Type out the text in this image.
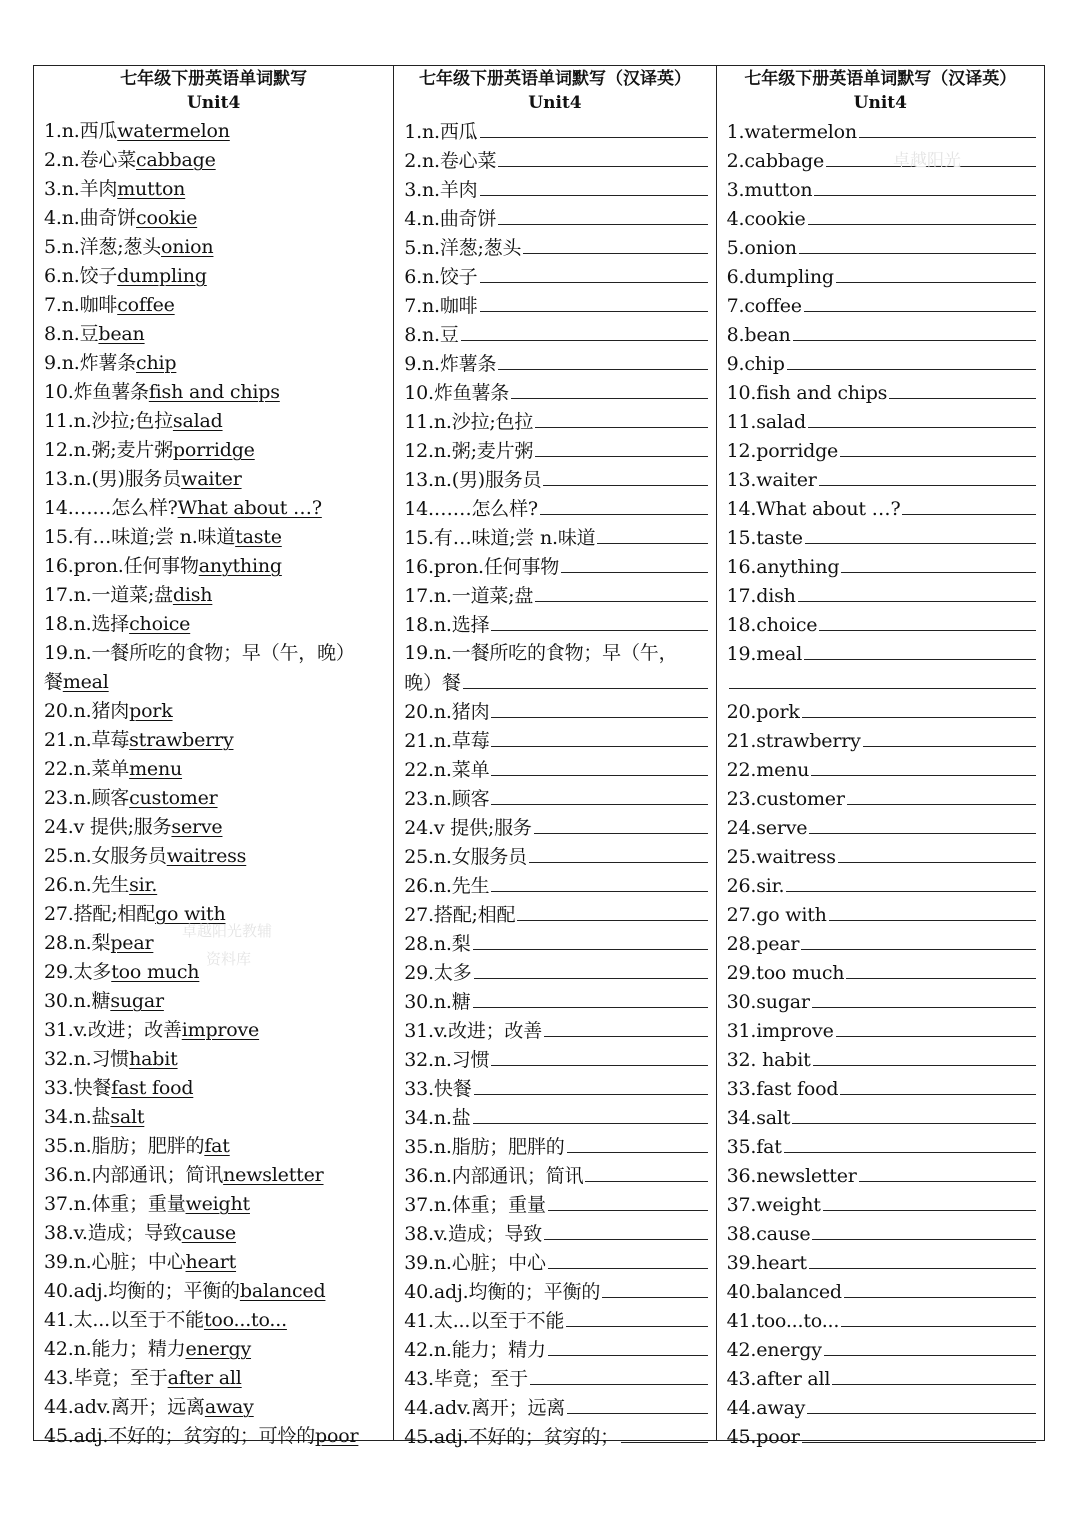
七年级下册英语单词默写
Unit4
1. n.西瓜 watermelon
2. n.卷心菜 cabbage
3. n.羊肉 mutton
4. n.曲奇饼 cookie
5. n.洋葱;葱头 onion
6. n.饺子 dumpling
7. n.咖啡 coffee
8. n.豆 bean
9. n.炸薯条 chip
10. 炸鱼薯条 fish and chips
11. n.沙拉;色拉 salad
12. n.粥;麦片粥 porridge
13. n.(男)服务员 waiter
14. ……怎么样? What about …?
15. 有…味道;尝 n.味道 taste
16. pron.任何事物 anything
17. n.一道菜;盘 dish
18. n.选择 choice
19. n.一餐所吃的食物；早（午，晚）
餐 meal
20. n.猪肉 pork
21. n.草莓 strawberry
22. n.菜单 menu
23. n.顾客 customer
24. v 提供;服务 serve
25. n.女服务员 waitress
26. n.先生 sir.
27. 搭配;相配 go with
28. n.梨 pear
29. 太多 too much
30. n.糖 sugar
31. v.改进；改善 improve
32. n.习惯 habit
33. 快餐 fast food
34. n.盐 salt
35. n.脂肪；肥胖的 fat
36. n.内部通讯；简讯 newsletter
37. n.体重；重量 weight
38. v.造成；导致 cause
39. n.心脏；中心 heart
40. adj.均衡的；平衡的 balanced
41. 太...以至于不能 too...to...
42. n.能力；精力 energy
43. 毕竟；至于 after all
44. adv.离开；远离 away
45. adj.不好的；贫穷的；可怜的 poor
七年级下册英语单词默写（汉译英）
Unit4
1.n.西瓜
2.n.卷心菜
3.n.羊肉
4.n.曲奇饼
5.n.洋葱;葱头
6.n.饺子
7.n.咖啡
8.n.豆
9.n.炸薯条
10.炸鱼薯条
11.n.沙拉;色拉
12.n.粥;麦片粥
13.n.(男)服务员
14.……怎么样?
15.有…味道;尝 n.味道
16.pron.任何事物
17.n.一道菜;盘
18.n.选择
19.n.一餐所吃的食物；早（午，
晚）餐
20.n.猪肉
21.n.草莓
22.n.菜单
23.n.顾客
24.v 提供;服务
25.n.女服务员
26.n.先生
27.搭配;相配
28.n.梨
29.太多
30.n.糖
31.v.改进；改善
32.n.习惯
33.快餐
34.n.盐
35.n.脂肪；肥胖的
36.n.内部通讯；简讯
37.n.体重；重量
38.v.造成；导致
39.n.心脏；中心
40.adj.均衡的；平衡的
41.太...以至于不能
42.n.能力；精力
43.毕竟；至于
44.adv.离开；远离
45.adj.不好的；贫穷的；
七年级下册英语单词默写（汉译英）
Unit4
1.watermelon
2.cabbage
3.mutton
4.cookie
5.onion
6.dumpling
7.coffee
8.bean
9.chip
10.fish and chips
11.salad
12.porridge
13.waiter
14.What about …?
15.taste
16.anything
17.dish
18.choice
19.meal
20.pork
21.strawberry
22.menu
23.customer
24.serve
25.waitress
26.sir.
27.go with
28.pear
29.too much
30.sugar
31.improve
32. habit
33.fast food
34.salt
35.fat
36.newsletter
37.weight
38.cause
39.heart
40.balanced
41.too...to...
42.energy
43.after all
44.away
45.poor
卓越阳光
卓越阳光教辅
资料库
